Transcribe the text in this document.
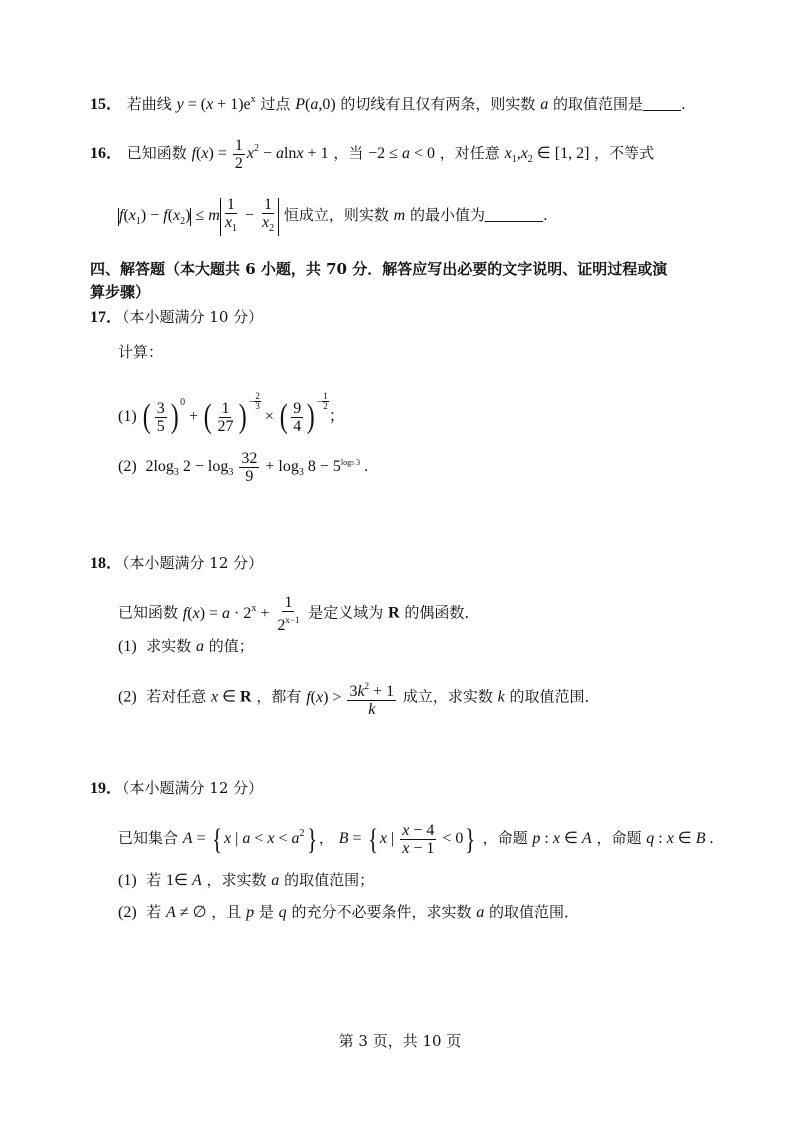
15． 若曲线 $y = (x + 1)e^x$ 过点 P(a,0) 的切线有且仅有两条，则实数 a 的取值范围是	.
16． 已知函数 $f(x) = \frac{1}{2} x^2 - alnx + 1$ ，当 −2 ≤ a < 0 ，对任意 $x_1,x_2$ ∈ [1, 2] ，不等式
$f(x_1) - f(x_2) \le m \frac{1}{x_1} - \frac{1}{x_2}$ 恒成立，则实数 m 的最小值为	.
四、解答题（本大题共 6 小题，共 70 分．解答应写出必要的文字说明、证明过程或演
算步骤）
17．（本小题满分 10 分）
计算：
(1) ( $\frac{3}{5}$ ) $^0$ + ( $\frac{1}{27}$ ) $^{- \frac{2}{3}}$
× ( $\frac{9}{4}$ ) $^{- \frac{1}{2}}$
；
(2)  $2\log_3$ $2 - \log_3 \frac{32}{9} + \log_3 8 - 5^{log5 3}$ .
18．（本小题满分 12 分）
已知函数 $f(x) = a \cdot 2^x + \frac{1}{2^{x-1}}$ 是定义域为 R 的偶函数．
(1) 求实数 a 的值；
(2) 若对任意 x ∈ R ，都有 $f(x) > \frac{3k^2 + 1}{k}$ 成立，求实数 k 的取值范围．
19．（本小题满分 12 分）
已知集合 A = { x | $a < x < a^2$} ， B = { x | $\frac{x - 4}{x - 1} < 0$} ，命题 p : x ∈ A ，命题 q : x ∈ B .
(1) 若 1∈ A ，求实数 a 的取值范围；
(2) 若 A ≠ ∅ ，且 p 是 q 的充分不必要条件，求实数 a 的取值范围．
第 3 页，共 10 页
